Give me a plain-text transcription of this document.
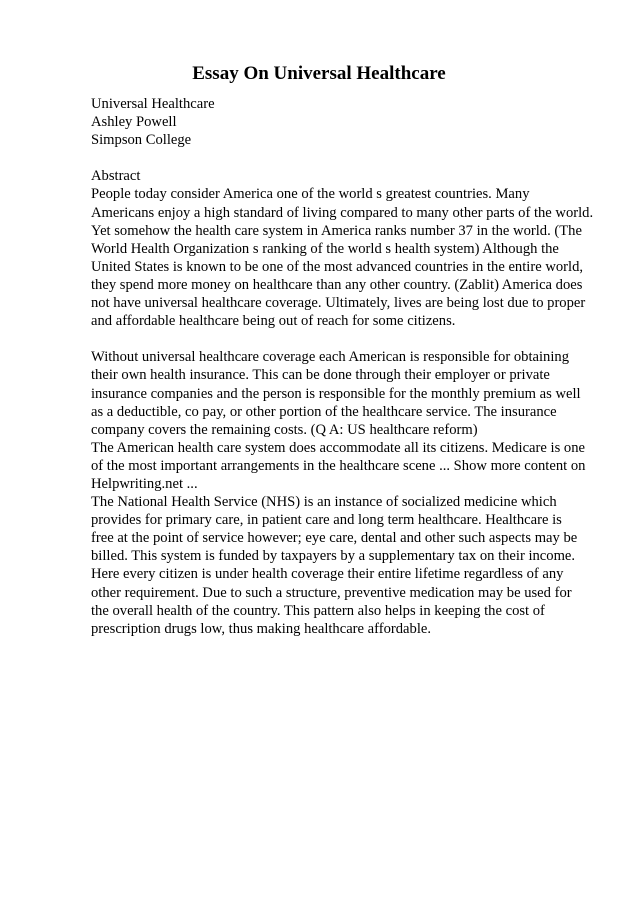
Essay On Universal Healthcare
Universal Healthcare
Ashley Powell
Simpson College
Abstract
People today consider America one of the world s greatest countries. Many
Americans enjoy a high standard of living compared to many other parts of the world.
Yet somehow the health care system in America ranks number 37 in the world. (The
World Health Organization s ranking of the world s health system) Although the
United States is known to be one of the most advanced countries in the entire world,
they spend more money on healthcare than any other country. (Zablit) America does
not have universal healthcare coverage. Ultimately, lives are being lost due to proper
and affordable healthcare being out of reach for some citizens.
Without universal healthcare coverage each American is responsible for obtaining
their own health insurance. This can be done through their employer or private
insurance companies and the person is responsible for the monthly premium as well
as a deductible, co pay, or other portion of the healthcare service. The insurance
company covers the remaining costs. (Q A: US healthcare reform)
The American health care system does accommodate all its citizens. Medicare is one
of the most important arrangements in the healthcare scene ... Show more content on
Helpwriting.net ...
The National Health Service (NHS) is an instance of socialized medicine which
provides for primary care, in patient care and long term healthcare. Healthcare is
free at the point of service however; eye care, dental and other such aspects may be
billed. This system is funded by taxpayers by a supplementary tax on their income.
Here every citizen is under health coverage their entire lifetime regardless of any
other requirement. Due to such a structure, preventive medication may be used for
the overall health of the country. This pattern also helps in keeping the cost of
prescription drugs low, thus making healthcare affordable.
